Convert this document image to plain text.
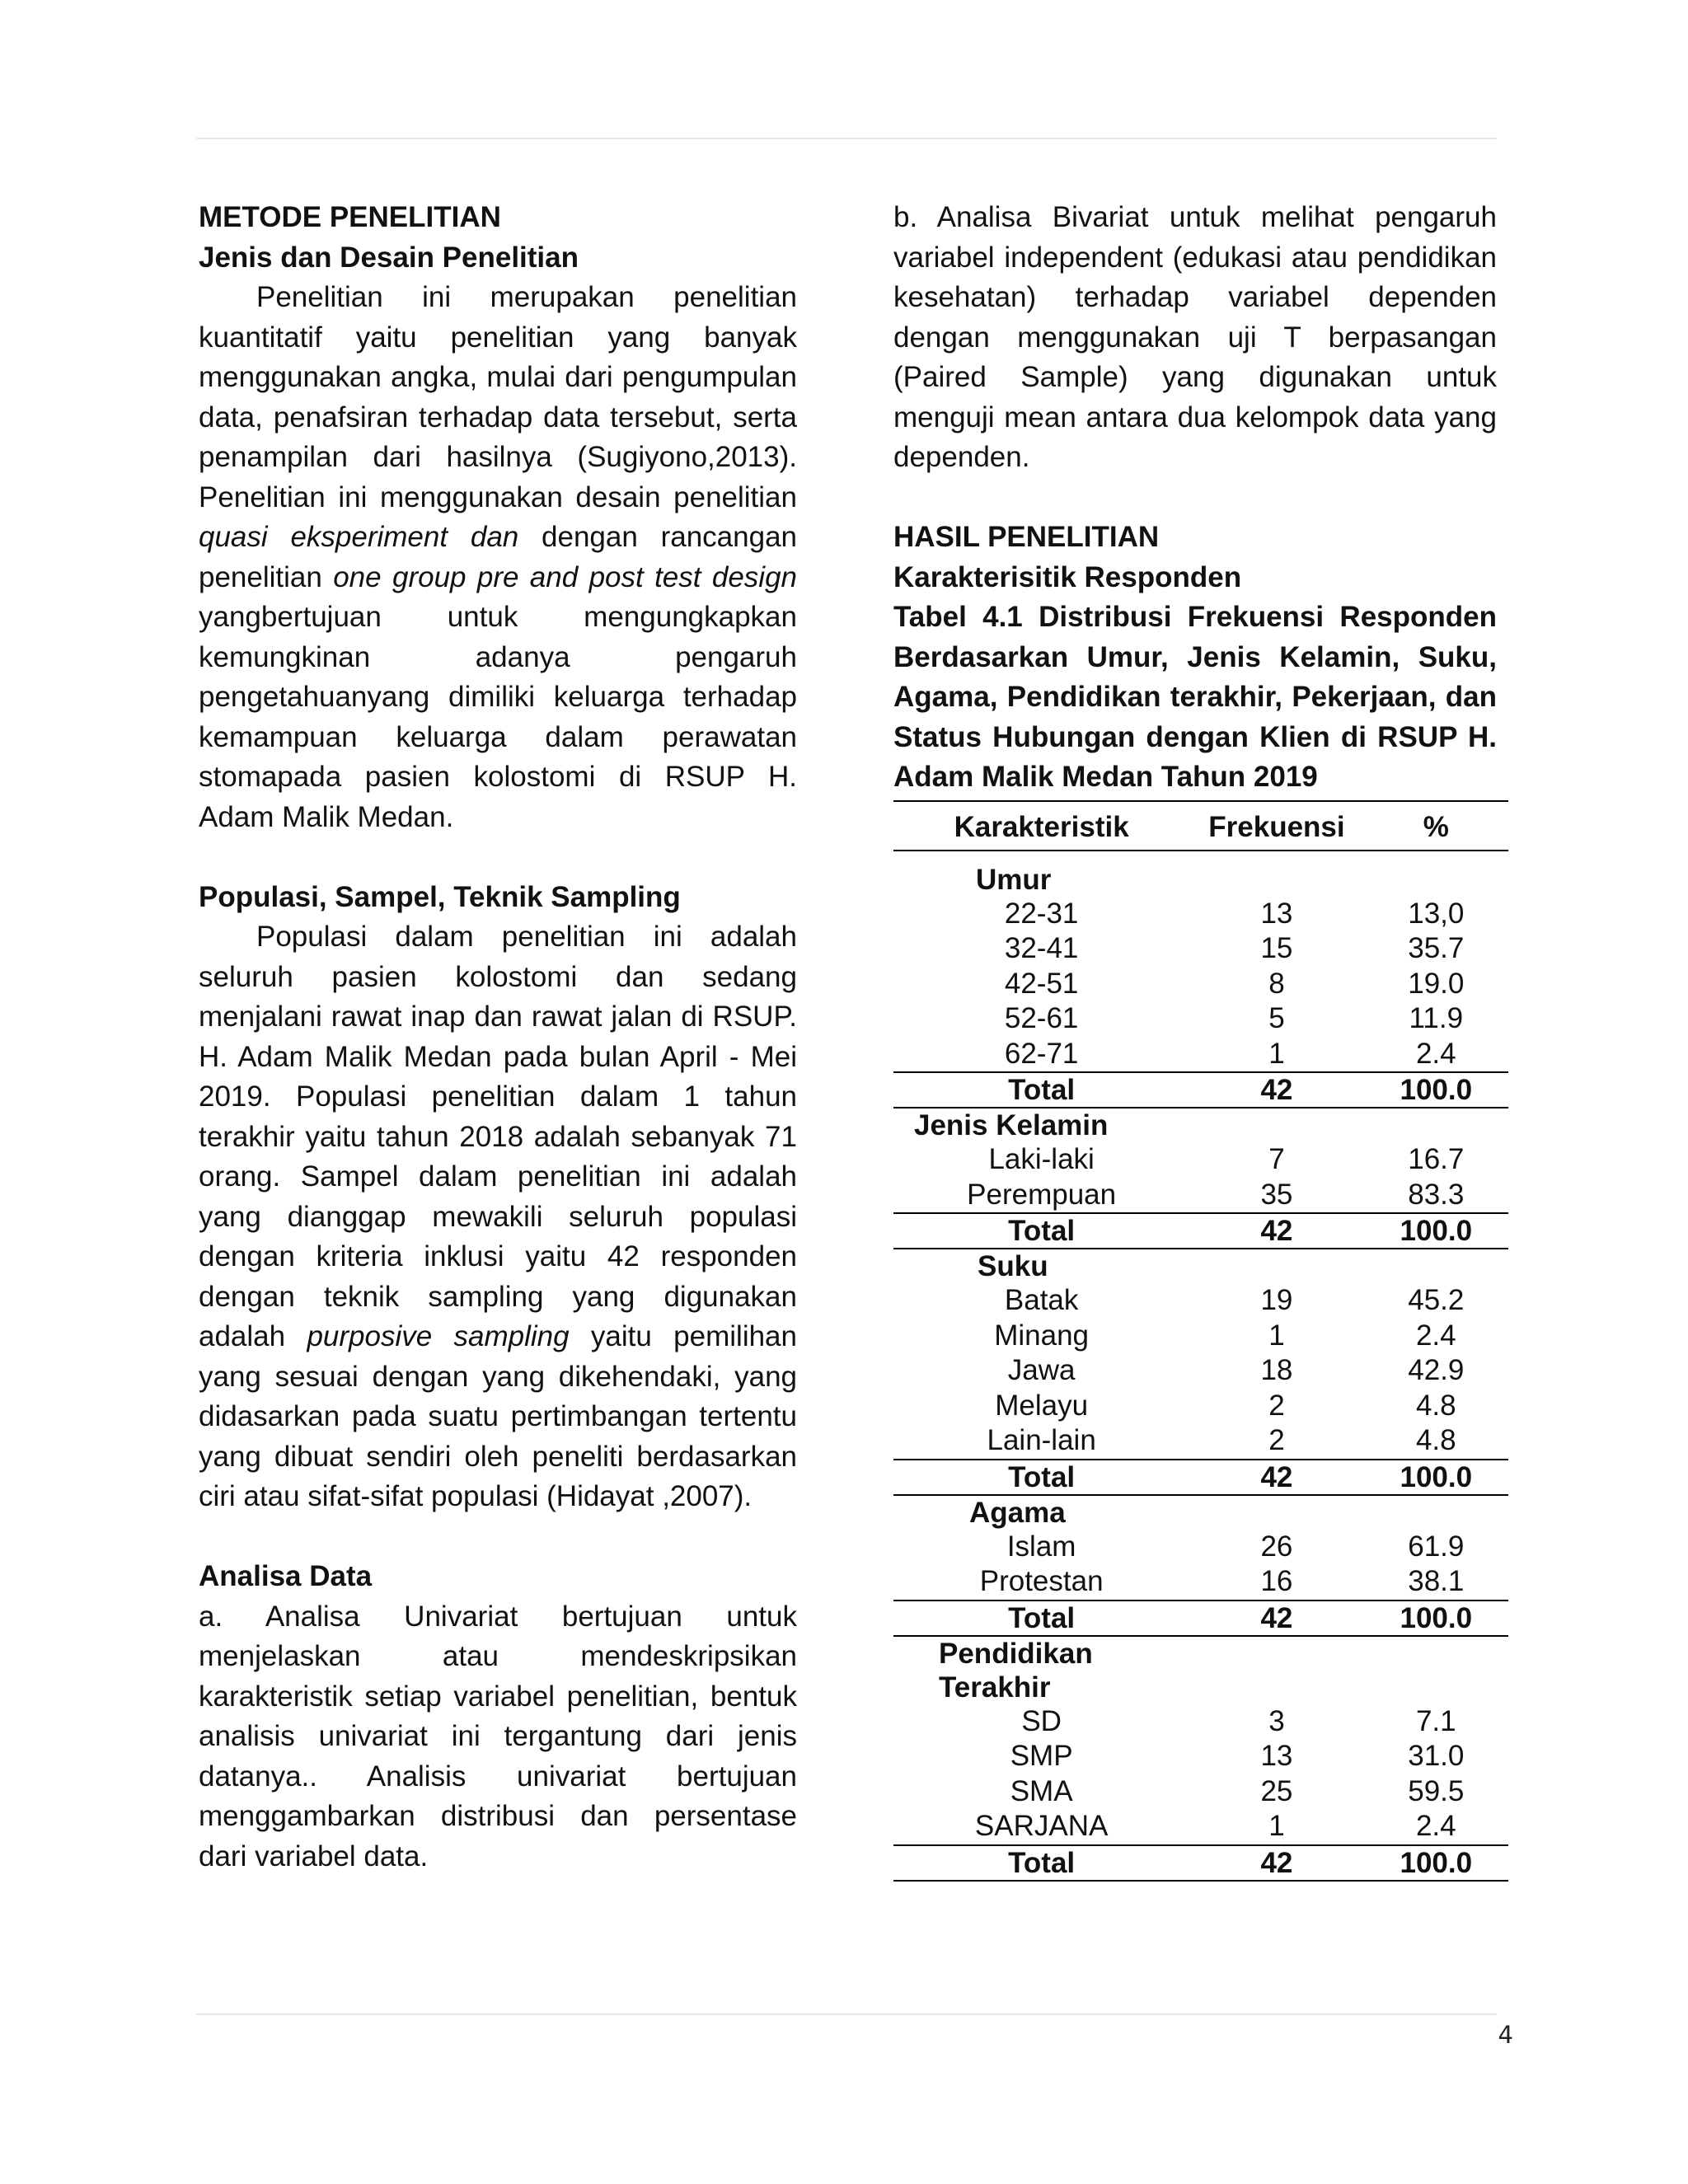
METODE PENELITIAN
Jenis dan Desain Penelitian

Penelitian ini merupakan penelitian kuantitatif yaitu penelitian yang banyak menggunakan angka, mulai dari pengumpulan data, penafsiran terhadap data tersebut, serta penampilan dari hasilnya (Sugiyono,2013). Penelitian ini menggunakan desain penelitian quasi eksperiment dan dengan rancangan penelitian one group pre and post test design yangbertujuan untuk mengungkapkan kemungkinan adanya pengaruh pengetahuanyang dimiliki keluarga terhadap kemampuan keluarga dalam perawatan stomapada pasien kolostomi di RSUP H. Adam Malik Medan.

Populasi, Sampel, Teknik Sampling

Populasi dalam penelitian ini adalah seluruh pasien kolostomi dan sedang menjalani rawat inap dan rawat jalan di RSUP. H. Adam Malik Medan pada bulan April - Mei 2019. Populasi penelitian dalam 1 tahun terakhir yaitu tahun 2018 adalah sebanyak 71 orang. Sampel dalam penelitian ini adalah yang dianggap mewakili seluruh populasi dengan kriteria inklusi yaitu 42 responden dengan teknik sampling yang digunakan adalah purposive sampling yaitu pemilihan yang sesuai dengan yang dikehendaki, yang didasarkan pada suatu pertimbangan tertentu yang dibuat sendiri oleh peneliti berdasarkan ciri atau sifat-sifat populasi (Hidayat ,2007).

Analisa Data

a. Analisa Univariat bertujuan untuk menjelaskan atau mendeskripsikan karakteristik setiap variabel penelitian, bentuk analisis univariat ini tergantung dari jenis datanya.. Analisis univariat bertujuan menggambarkan distribusi dan persentase dari variabel data.

b. Analisa Bivariat untuk melihat pengaruh variabel independent (edukasi atau pendidikan kesehatan) terhadap variabel dependen dengan menggunakan uji T berpasangan (Paired Sample) yang digunakan untuk menguji mean antara dua kelompok data yang dependen.

HASIL PENELITIAN
Karakterisitik Responden

Tabel 4.1 Distribusi Frekuensi Responden Berdasarkan Umur, Jenis Kelamin, Suku, Agama, Pendidikan terakhir, Pekerjaan, dan Status Hubungan dengan Klien di RSUP H. Adam Malik Medan Tahun 2019

Karakteristik	Frekuensi	%

Umur		
22-31	13	13,0
32-41	15	35.7
42-51	8	19.0
52-61	5	11.9
62-71	1	2.4
Total	42	100.0
Jenis Kelamin		
Laki-laki	7	16.7
Perempuan	35	83.3
Total	42	100.0
Suku		
Batak	19	45.2
Minang	1	2.4
Jawa	18	42.9
Melayu	2	4.8
Lain-lain	2	4.8
Total	42	100.0
Agama		
Islam	26	61.9
Protestan	16	38.1
Total	42	100.0
Pendidikan Terakhir		
SD	3	7.1
SMP	13	31.0
SMA	25	59.5
SARJANA	1	2.4
Total	42	100.0
4
